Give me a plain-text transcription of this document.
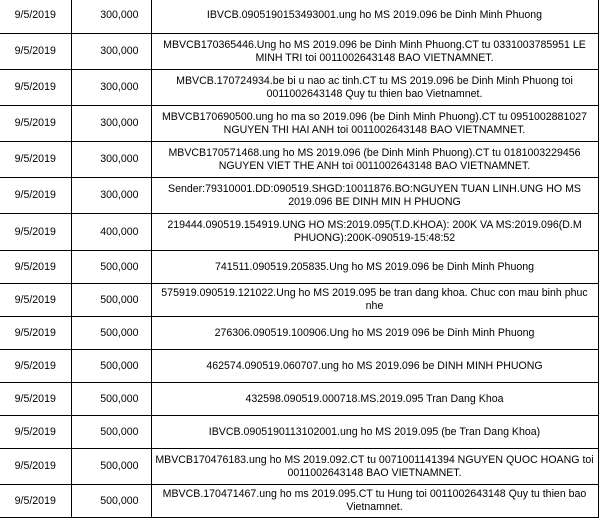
9/5/2019	300,000	IBVCB.0905190153493001.ung ho MS 2019.096 be Dinh Minh Phuong
9/5/2019	300,000	MBVCB170365446.Ung ho MS 2019.096 be Dinh Minh Phuong.CT tu 0331003785951 LE MINH TRI toi 0011002643148 BAO VIETNAMNET.
9/5/2019	300,000	MBVCB.170724934.be bi u nao ac tinh.CT tu MS 2019.096 be Dinh Minh Phuong toi 0011002643148 Quy tu thien bao Vietnamnet.
9/5/2019	300,000	MBVCB170690500.ung ho ma so 2019.096 (be Dinh Minh Phuong).CT tu 0951002881027 NGUYEN THI HAI ANH toi 0011002643148 BAO VIETNAMNET.
9/5/2019	300,000	MBVCB170571468.ung ho MS 2019.096 (be Dinh Minh Phuong).CT tu 0181003229456 NGUYEN VIET THE ANH toi 0011002643148 BAO VIETNAMNET.
9/5/2019	300,000	Sender:79310001.DD:090519.SHGD:10011876.BO:NGUYEN TUAN LINH.UNG HO MS 2019.096 BE DINH MIN H PHUONG
9/5/2019	400,000	219444.090519.154919.UNG HO MS:2019.095(T.D.KHOA): 200K VA MS:2019.096(D.M PHUONG):200K-090519-15:48:52
9/5/2019	500,000	741511.090519.205835.Ung ho MS 2019.096 be Dinh Minh Phuong
9/5/2019	500,000	575919.090519.121022.Ung ho MS 2019.095 be tran dang khoa. Chuc con mau binh phuc nhe
9/5/2019	500,000	276306.090519.100906.Ung ho MS 2019 096 be Dinh Minh Phuong
9/5/2019	500,000	462574.090519.060707.ung ho MS 2019.096 be DINH MINH PHUONG
9/5/2019	500,000	432598.090519.000718.MS.2019.095 Tran Dang Khoa
9/5/2019	500,000	IBVCB.0905190113102001.ung ho MS 2019.095 (be Tran Dang Khoa)
9/5/2019	500,000	MBVCB170476183.ung ho MS 2019.092.CT tu 0071001141394 NGUYEN QUOC HOANG toi 0011002643148 BAO VIETNAMNET.
9/5/2019	500,000	MBVCB.170471467.ung ho ms 2019.095.CT tu Hung toi 0011002643148 Quy tu thien bao Vietnamnet.
